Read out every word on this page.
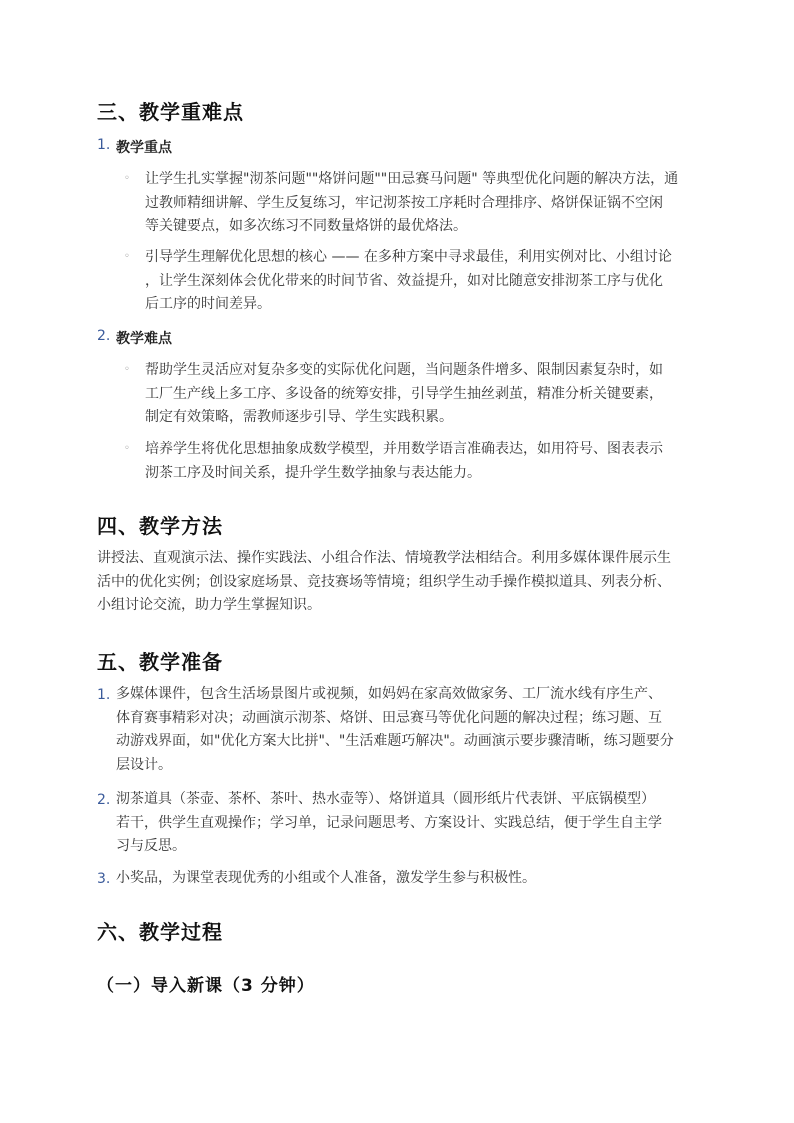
三、教学重难点
1. 教学重点
◦ 让学生扎实掌握"沏茶问题""烙饼问题""田忌赛马问题" 等典型优化问题的解决方法，通
过教师精细讲解、学生反复练习，牢记沏茶按工序耗时合理排序、烙饼保证锅不空闲
等关键要点，如多次练习不同数量烙饼的最优烙法。
◦ 引导学生理解优化思想的核心 —— 在多种方案中寻求最佳，利用实例对比、小组讨论
，让学生深刻体会优化带来的时间节省、效益提升，如对比随意安排沏茶工序与优化
后工序的时间差异。
2. 教学难点
◦ 帮助学生灵活应对复杂多变的实际优化问题，当问题条件增多、限制因素复杂时，如
工厂生产线上多工序、多设备的统筹安排，引导学生抽丝剥茧，精准分析关键要素，
制定有效策略，需教师逐步引导、学生实践积累。
◦ 培养学生将优化思想抽象成数学模型，并用数学语言准确表达，如用符号、图表表示
沏茶工序及时间关系，提升学生数学抽象与表达能力。
四、教学方法
讲授法、直观演示法、操作实践法、小组合作法、情境教学法相结合。利用多媒体课件展示生
活中的优化实例；创设家庭场景、竞技赛场等情境；组织学生动手操作模拟道具、列表分析、
小组讨论交流，助力学生掌握知识。
五、教学准备
1. 多媒体课件，包含生活场景图片或视频，如妈妈在家高效做家务、工厂流水线有序生产、
体育赛事精彩对决；动画演示沏茶、烙饼、田忌赛马等优化问题的解决过程；练习题、互
动游戏界面，如"优化方案大比拼"、"生活难题巧解决"。动画演示要步骤清晰，练习题要分
层设计。
2. 沏茶道具（茶壶、茶杯、茶叶、热水壶等）、烙饼道具（圆形纸片代表饼、平底锅模型）
若干，供学生直观操作；学习单，记录问题思考、方案设计、实践总结，便于学生自主学
习与反思。
3. 小奖品，为课堂表现优秀的小组或个人准备，激发学生参与积极性。
六、教学过程
（一）导入新课（3 分钟）
